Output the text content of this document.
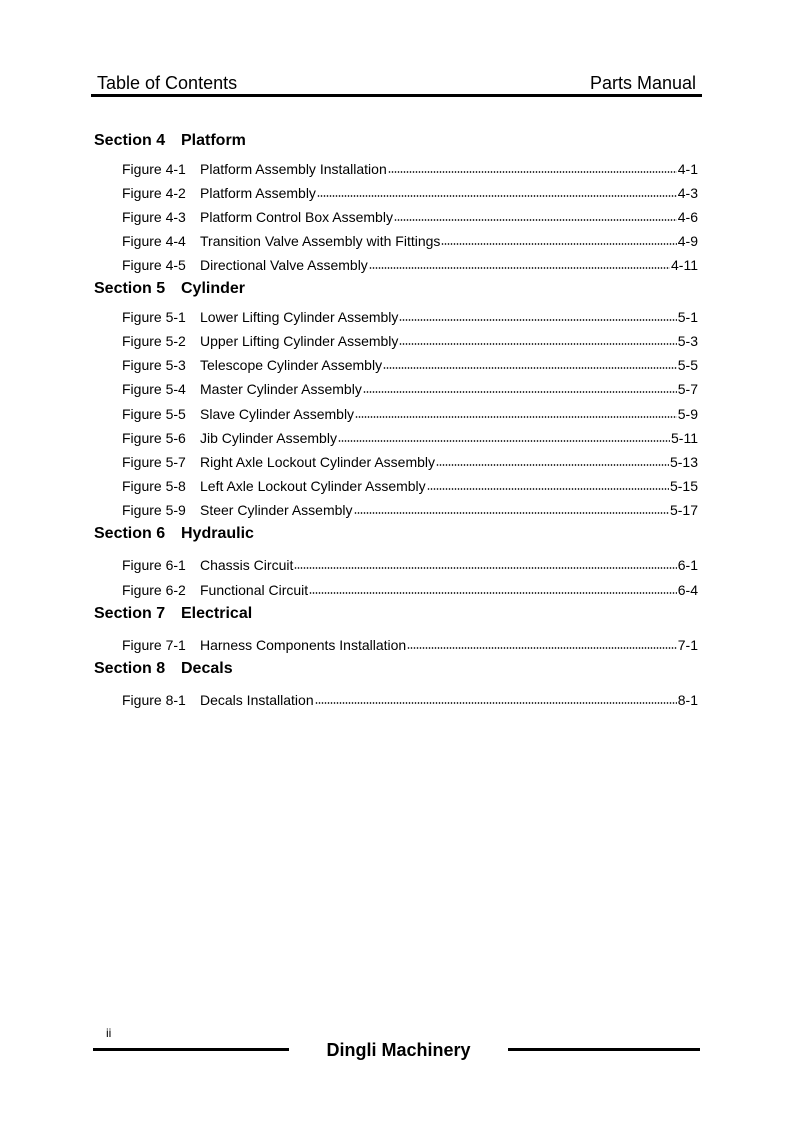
Table of Contents	Parts Manual
Section 4 Platform
Figure 4-1	Platform Assembly Installation	4-1
Figure 4-2	Platform Assembly	4-3
Figure 4-3	Platform Control Box Assembly	4-6
Figure 4-4	Transition Valve Assembly with Fittings	4-9
Figure 4-5	Directional Valve Assembly	4-11
Section 5 Cylinder
Figure 5-1	Lower Lifting Cylinder Assembly	5-1
Figure 5-2	Upper Lifting Cylinder Assembly	5-3
Figure 5-3	Telescope Cylinder Assembly	5-5
Figure 5-4	Master Cylinder Assembly	5-7
Figure 5-5	Slave Cylinder Assembly	5-9
Figure 5-6	Jib Cylinder Assembly	5-11
Figure 5-7	Right Axle Lockout Cylinder Assembly	5-13
Figure 5-8	Left Axle Lockout Cylinder Assembly	5-15
Figure 5-9	Steer Cylinder Assembly	5-17
Section 6 Hydraulic
Figure 6-1	Chassis Circuit	6-1
Figure 6-2	Functional Circuit	6-4
Section 7 Electrical
Figure 7-1	Harness Components Installation	7-1
Section 8 Decals
Figure 8-1	Decals Installation	8-1
ii
Dingli Machinery
